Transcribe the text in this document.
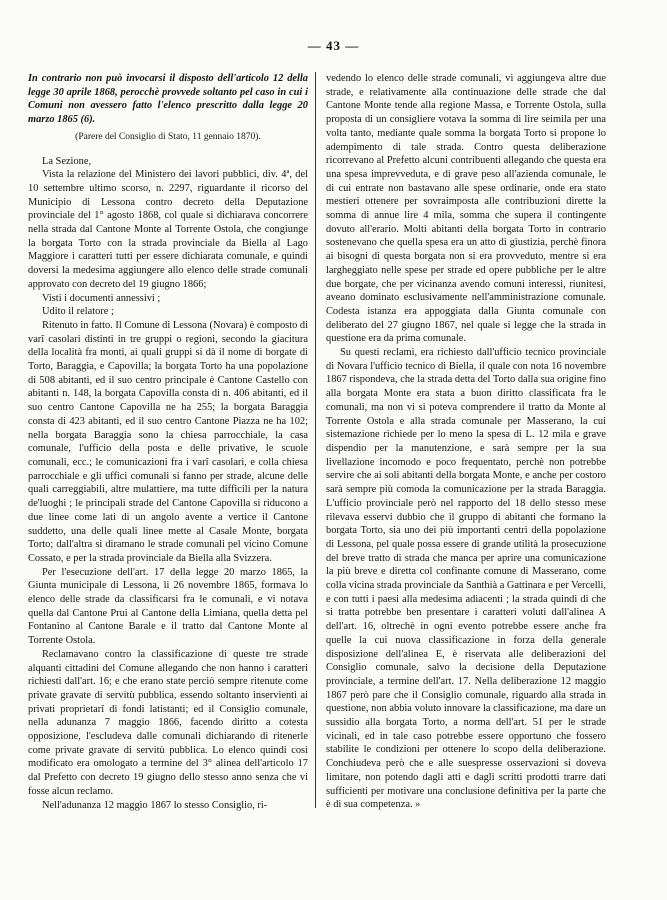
— 43 —

In contrario non può invocarsi il disposto dell'articolo 12 della legge 30 aprile 1868, perocchè provvede soltanto pel caso in cui i Comuni non avessero fatto l'elenco prescritto dalla legge 20 marzo 1865 (6).

(Parere del Consiglio di Stato, 11 gennaio 1870).

La Sezione,

Vista la relazione del Ministero dei lavori pubblici, div. 4ª, del 10 settembre ultimo scorso, n. 2297, riguardante il ricorso del Municipio di Lessona contro decreto della Deputazione provinciale del 1° agosto 1868, col quale si dichiarava concorrere nella strada dal Cantone Monte al Torrente Ostola, che congiunge la borgata Torto con la strada provinciale da Biella al Lago Maggiore i caratteri tutti per essere dichiarata comunale, e quindi doversi la medesima aggiungere allo elenco delle strade comunali approvato con decreto del 19 giugno 1866;

Visti i documenti annessivi ;

Udito il relatore ;

Ritenuto in fatto. Il Comune di Lessona (Novara) è composto di varî casolari distinti in tre gruppi o regioni, secondo la giacitura della località fra monti, ai quali gruppi si dà il nome di borgate di Torto, Baraggia, e Capovilla; la borgata Torto ha una popolazione di 508 abitanti, ed il suo centro principale è Cantone Castello con abitanti n. 148, la borgata Capovilla consta di n. 406 abitanti, ed il suo centro Cantone Capovilla ne ha 255; la borgata Baraggia consta di 423 abitanti, ed il suo centro Cantone Piazza ne ha 102; nella borgata Baraggia sono la chiesa parrocchiale, la casa comunale, l'ufficio della posta e delle privative, le scuole comunali, ecc.; le comunicazioni fra i varî casolari, e colla chiesa parrocchiale e gli uffici comunali si fanno per strade, alcune delle quali carreggiabili, altre mulattiere, ma tutte difficili per la natura de'luoghi ; le principali strade del Cantone Capovilla si riducono a due linee come lati di un angolo avente a vertice il Cantone suddetto, una delle quali linee mette al Casale Monte, borgata Torto; dall'altra si diramano le strade comunali pel vicino Comune Cossato, e per la strada provinciale da Biella alla Svizzera.

Per l'esecuzione dell'art. 17 della legge 20 marzo 1865, la Giunta municipale di Lessona, li 26 novembre 1865, formava lo elenco delle strade da classificarsi fra le comunali, e vi notava quella dal Cantone Prui al Cantone della Limiana, quella detta pel Fontanino al Cantone Barale e il tratto dal Cantone Monte al Torrente Ostola.

Reclamavano contro la classificazione di queste tre strade alquanti cittadini del Comune allegando che non hanno i caratteri richiesti dall'art. 16; e che erano state perciò sempre ritenute come private gravate di servitù pubblica, essendo soltanto inservienti ai privati proprietarî di fondi latistanti; ed il Consiglio comunale, nella adunanza 7 maggio 1866, facendo diritto a cotesta opposizione, l'escludeva dalle comunali dichiarando di ritenerle come private gravate di servitù pubblica. Lo elenco quindi così modificato era omologato a termine del 3° alinea dell'articolo 17 dal Prefetto con decreto 19 giugno dello stesso anno senza che vi fosse alcun reclamo.

Nell'adunanza 12 maggio 1867 lo stesso Consiglio, ri-

vedendo lo elenco delle strade comunali, vi aggiungeva altre due strade, e relativamente alla continuazione delle strade che dal Cantone Monte tende alla regione Massa, e Torrente Ostola, sulla proposta di un consigliere votava la somma di lire seimila per una volta tanto, mediante quale somma la borgata Torto si propone lo adempimento di tale strada. Contro questa deliberazione ricorrevano al Prefetto alcuni contribuenti allegando che questa era una spesa imprevveduta, e di grave peso all'azienda comunale, le di cui entrate non bastavano alle spese ordinarie, onde era stato mestieri ottenere per sovraimposta alle contribuzioni dirette la somma di annue lire 4 mila, somma che supera il contingente dovuto all'erario. Molti abitanti della borgata Torto in contrario sostenevano che quella spesa era un atto di giustizia, perchè finora ai bisogni di questa borgata non si era provveduto, mentre si era largheggiato nelle spese per strade ed opere pubbliche per le altre due borgate, che per vicinanza avendo comuni interessi, riunitesi, aveano dominato esclusivamente nell'amministrazione comunale. Codesta istanza era appoggiata dalla Giunta comunale con deliberato del 27 giugno 1867, nel quale si legge che la strada in questione era da prima comunale.

Su questi reclami, era richiesto dall'ufficio tecnico provinciale di Novara l'ufficio tecnico di Biella, il quale con nota 16 novembre 1867 rispondeva, che la strada detta del Torto dalla sua origine fino alla borgata Monte era stata a buon diritto classificata fra le comunali, ma non vi si poteva comprendere il tratto da Monte al Torrente Ostola e alla strada comunale per Masserano, la cui sistemazione richiede per lo meno la spesa di L. 12 mila e grave dispendio per la manutenzione, e sarà sempre per la sua livellazione incomodo e poco frequentato, perchè non potrebbe servire che ai soli abitanti della borgata Monte, e anche per costoro sarà sempre più comoda la comunicazione per la strada Baraggia. L'ufficio provinciale però nel rapporto del 18 dello stesso mese rilevava esservi dubbio che il gruppo di abitanti che formano la borgata Torto, sia uno dei più importanti centri della popolazione di Lessona, pel quale possa essere di grande utilità la prosecuzione del breve tratto di strada che manca per aprire una comunicazione la più breve e diretta col confinante comune di Masserano, come colla vicina strada provinciale da Santhià a Gattinara e per Vercelli, e con tutti i paesi alla medesima adiacenti ; la strada quindi di che si tratta potrebbe ben presentare i caratteri voluti dall'alinea A dell'art. 16, oltrechè in ogni evento potrebbe essere anche fra quelle la cui nuova classificazione in forza della generale disposizione dell'alinea E, è riservata alle deliberazioni del Consiglio comunale, salvo la decisione della Deputazione provinciale, a termine dell'art. 17. Nella deliberazione 12 maggio 1867 però pare che il Consiglio comunale, riguardo alla strada in questione, non abbia voluto innovare la classificazione, ma dare un sussidio alla borgata Torto, a norma dell'art. 51 per le strade vicinali, ed in tale caso potrebbe essere opportuno che fossero stabilite le condizioni per ottenere lo scopo della deliberazione. Conchiudeva però che e alle suespresse osservazioni si doveva limitare, non potendo dagli atti e dagli scritti prodotti trarre dati sufficienti per motivare una conclusione definitiva per la parte che è di sua competenza. »
